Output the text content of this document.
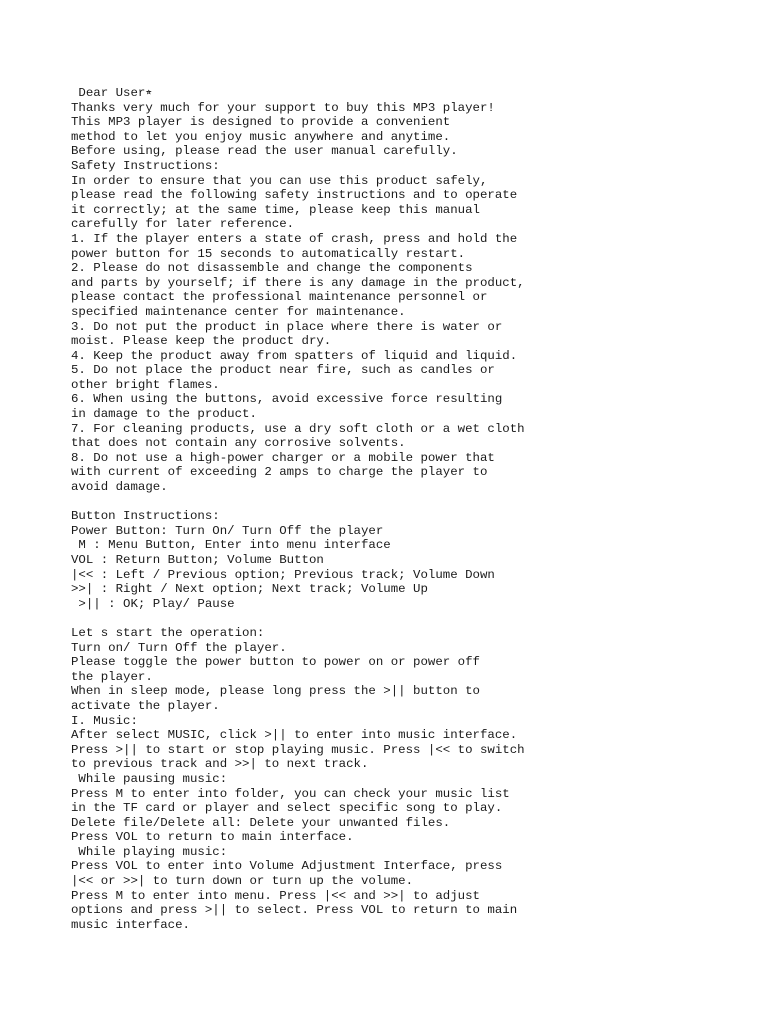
Dear User⭒
Thanks very much for your support to buy this MP3 player!
This MP3 player is designed to provide a convenient
method to let you enjoy music anywhere and anytime.
Before using, please read the user manual carefully.
Safety Instructions:
In order to ensure that you can use this product safely,
please read the following safety instructions and to operate
it correctly; at the same time, please keep this manual
carefully for later reference.
1. If the player enters a state of crash, press and hold the
power button for 15 seconds to automatically restart.
2. Please do not disassemble and change the components
and parts by yourself; if there is any damage in the product,
please contact the professional maintenance personnel or
specified maintenance center for maintenance.
3. Do not put the product in place where there is water or
moist. Please keep the product dry.
4. Keep the product away from spatters of liquid and liquid.
5. Do not place the product near fire, such as candles or
other bright flames.
6. When using the buttons, avoid excessive force resulting
in damage to the product.
7. For cleaning products, use a dry soft cloth or a wet cloth
that does not contain any corrosive solvents.
8. Do not use a high-power charger or a mobile power that
with current of exceeding 2 amps to charge the player to
avoid damage.
Button Instructions:
Power Button: Turn On/ Turn Off the player
M : Menu Button, Enter into menu interface
VOL : Return Button; Volume Button
|<< : Left / Previous option; Previous track; Volume Down
>>| : Right / Next option; Next track; Volume Up
>|| : OK; Play/ Pause
Let s start the operation:
Turn on/ Turn Off the player.
Please toggle the power button to power on or power off
the player.
When in sleep mode, please long press the >|| button to
activate the player.
I. Music:
After select MUSIC, click >|| to enter into music interface.
Press >|| to start or stop playing music. Press |<< to switch
to previous track and >>| to next track.
While pausing music:
Press M to enter into folder, you can check your music list
in the TF card or player and select specific song to play.
Delete file/Delete all: Delete your unwanted files.
Press VOL to return to main interface.
While playing music:
Press VOL to enter into Volume Adjustment Interface, press
|<< or >>| to turn down or turn up the volume.
Press M to enter into menu. Press |<< and >>| to adjust
options and press >|| to select. Press VOL to return to main
music interface.
